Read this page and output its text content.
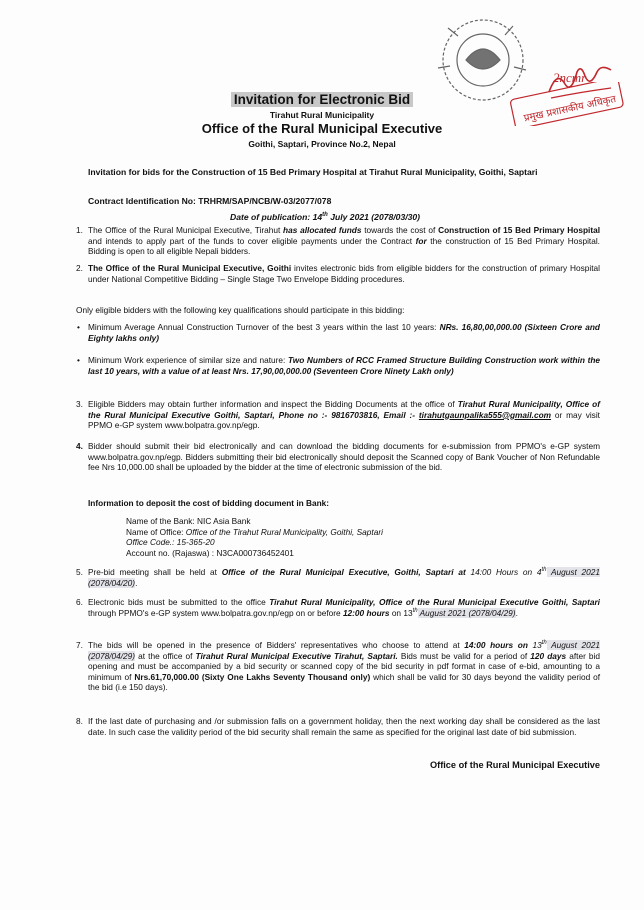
2ncmr
प्रमुख प्रशासकीय अधिकृत
Invitation for Electronic Bid
Tirahut Rural Municipality
Office of the Rural Municipal Executive
Goithi, Saptari, Province No.2, Nepal
Invitation for bids for the Construction of 15 Bed Primary Hospital at Tirahut Rural Municipality, Goithi, Saptari
Contract Identification No: TRHRM/SAP/NCB/W-03/2077/078
Date of publication: 14th July 2021 (2078/03/30)
1. The Office of the Rural Municipal Executive, Tirahut has allocated funds towards the cost of Construction of 15 Bed Primary Hospital and intends to apply part of the funds to cover eligible payments under the Contract for the construction of 15 Bed Primary Hospital. Bidding is open to all eligible Nepali bidders.

2. The Office of the Rural Municipal Executive, Goithi invites electronic bids from eligible bidders for the construction of primary Hospital under National Competitive Bidding – Single Stage Two Envelope Bidding procedures.

Only eligible bidders with the following key qualifications should participate in this bidding:
• Minimum Average Annual Construction Turnover of the best 3 years within the last 10 years: NRs. 16,80,00,000.00 (Sixteen Crore and Eighty lakhs only)

• Minimum Work experience of similar size and nature: Two Numbers of RCC Framed Structure Building Construction work within the last 10 years, with a value of at least Nrs. 17,90,00,000.00 (Seventeen Crore Ninety Lakh only)

3. Eligible Bidders may obtain further information and inspect the Bidding Documents at the office of Tirahut Rural Municipality, Office of the Rural Municipal Executive Goithi, Saptari, Phone no :- 9816703816, Email :- tirahutgaunpalika555@gmail.com or may visit PPMO e-GP system www.bolpatra.gov.np/egp.

4. Bidder should submit their bid electronically and can download the bidding documents for e-submission from PPMO's e-GP system www.bolpatra.gov.np/egp. Bidders submitting their bid electronically should deposit the Scanned copy of Bank Voucher of Non Refundable fee Nrs 10,000.00 shall be uploaded by the bidder at the time of electronic submission of the bid.

Information to deposit the cost of bidding document in Bank:
Name of the Bank: NIC Asia Bank
Name of Office: Office of the Tirahut Rural Municipality, Goithi, Saptari
Office Code.: 15-365-20
Account no. (Rajaswa) : N3CA000736452401
5. Pre-bid meeting shall be held at Office of the Rural Municipal Executive, Goithi, Saptari at 14:00 Hours on 4th August 2021 (2078/04/20).

6. Electronic bids must be submitted to the office Tirahut Rural Municipality, Office of the Rural Municipal Executive Goithi, Saptari through PPMO's e-GP system www.bolpatra.gov.np/egp on or before 12:00 hours on 13th August 2021 (2078/04/29).

7. The bids will be opened in the presence of Bidders' representatives who choose to attend at 14:00 hours on 13th August 2021 (2078/04/29) at the office of Tirahut Rural Municipal Executive Tirahut, Saptari. Bids must be valid for a period of 120 days after bid opening and must be accompanied by a bid security or scanned copy of the bid security in pdf format in case of e-bid, amounting to a minimum of Nrs.61,70,000.00 (Sixty One Lakhs Seventy Thousand only) which shall be valid for 30 days beyond the validity period of the bid (i.e 150 days).

8. If the last date of purchasing and /or submission falls on a government holiday, then the next working day shall be considered as the last date. In such case the validity period of the bid security shall remain the same as specified for the original last date of bid submission.

Office of the Rural Municipal Executive
